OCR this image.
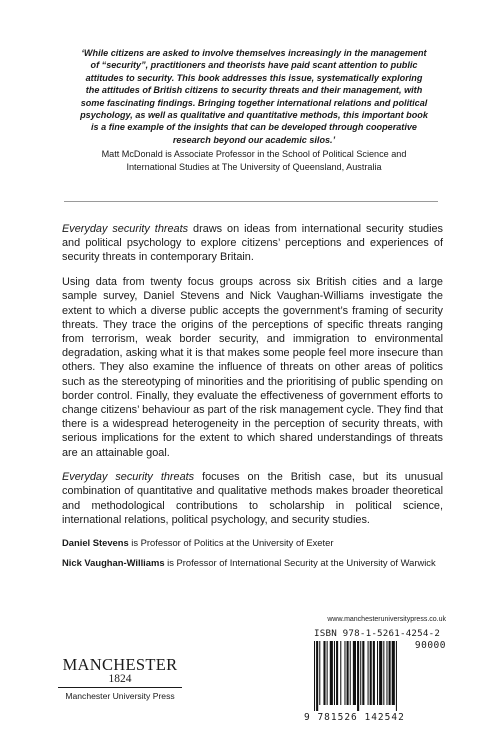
‘While citizens are asked to involve themselves increasingly in the management of “security”, practitioners and theorists have paid scant attention to public attitudes to security. This book addresses this issue, systematically exploring the attitudes of British citizens to security threats and their management, with some fascinating findings. Bringing together international relations and political psychology, as well as qualitative and quantitative methods, this important book is a fine example of the insights that can be developed through cooperative research beyond our academic silos.’

Matt McDonald is Associate Professor in the School of Political Science and International Studies at The University of Queensland, Australia

Everyday security threats draws on ideas from international security studies and political psychology to explore citizens’ perceptions and experiences of security threats in contemporary Britain.

Using data from twenty focus groups across six British cities and a large sample survey, Daniel Stevens and Nick Vaughan-Williams investigate the extent to which a diverse public accepts the government’s framing of security threats. They trace the origins of the perceptions of specific threats ranging from terrorism, weak border security, and immigration to environmental degradation, asking what it is that makes some people feel more insecure than others. They also examine the influence of threats on other areas of politics such as the stereotyping of minorities and the prioritising of public spending on border control. Finally, they evaluate the effectiveness of government efforts to change citizens’ behaviour as part of the risk management cycle. They find that there is a widespread heterogeneity in the perception of security threats, with serious implications for the extent to which shared understandings of threats are an attainable goal.

Everyday security threats focuses on the British case, but its unusual combination of quantitative and qualitative methods makes broader theoretical and methodological contributions to scholarship in political science, international relations, political psychology, and security studies.

Daniel Stevens is Professor of Politics at the University of Exeter
Nick Vaughan-Williams is Professor of International Security at the University of Warwick
www.manchesteruniversitypress.co.uk
ISBN 978-1-5261-4254-2
90000
9 781526 142542
MANCHESTER
1824
Manchester University Press
